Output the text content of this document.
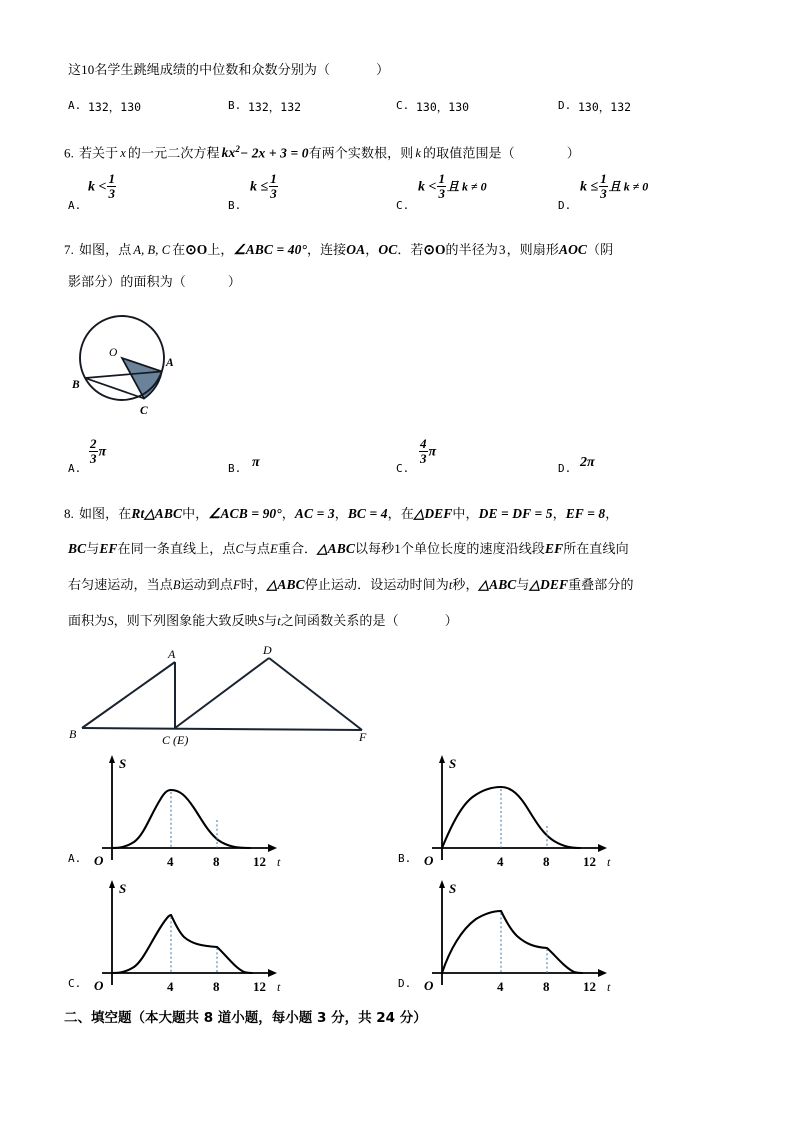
这10名学生跳绳成绩的中位数和众数分别为（	）
A. 132，130	B. 132，132	C. 130，130	D. 130，132
6. 若关于 x 的一元二次方程 $kx^2- 2x + 3 = 0$有两个实数根，则 k 的取值范围是（	）
A.
$k < \frac{1}{3}$
B.
$k \le \frac{1}{3}$
C.
$k < \frac{1}{3}$ 且 k ≠ 0
D.
$k \le \frac{1}{3}$ 且 k ≠ 0
7. 如图，点 A, B, C 在⊙O上，∠ABC = 40°，连接OA，OC．若⊙O的半径为3，则扇形AOC（阴
影部分）的面积为（	）
O
A
B
C
A.
$\frac{2}{3}$ π
B. π	C.
$\frac{4}{3}$ π
D. 2π
8. 如图，在Rt△ABC中，∠ACB = 90°，AC = 3，BC = 4，在△DEF中，DE = DF = 5，EF = 8，
BC与EF在同一条直线上，点C与点E重合．△ABC以每秒1个单位长度的速度沿线段EF所在直线向
右匀速运动，当点B运动到点F时，△ABC停止运动．设运动时间为t秒，△ABC与△DEF重叠部分的
面积为S，则下列图象能大致反映S与t之间函数关系的是（	）
A	D
B	C (E)	F
A. O
S
4	8	12 t	B. O
S
4	8	12 t
C. O
S
4	8	12 t	D. O
S
4	8	12 t
二、填空题（本大题共 8 道小题，每小题 3 分，共 24 分）
